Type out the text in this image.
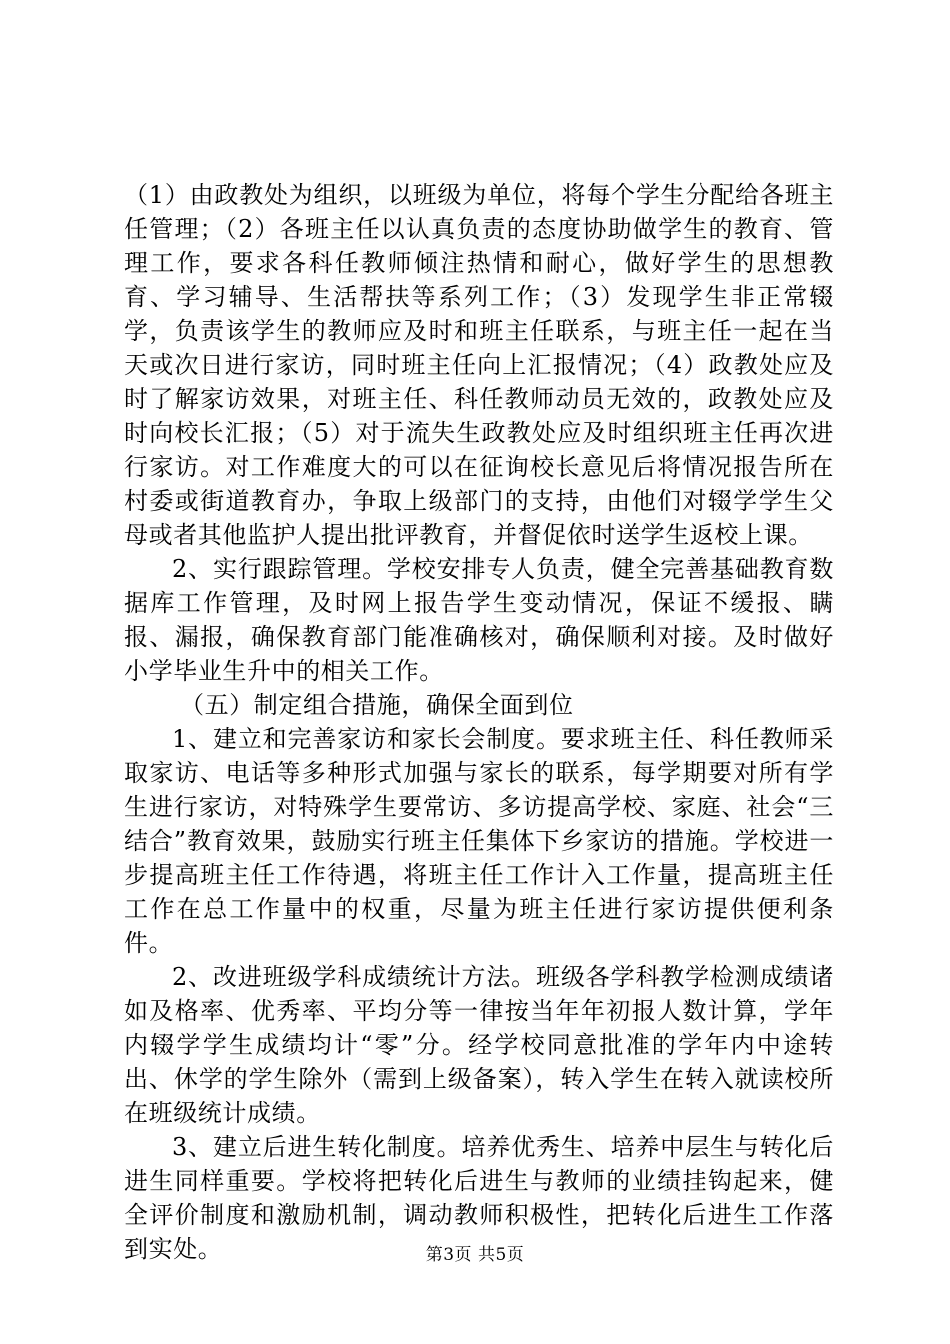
（1）由政教处为组织，以班级为单位，将每个学生分配给各班主任管理；（2）各班主任以认真负责的态度协助做学生的教育、管理工作，要求各科任教师倾注热情和耐心，做好学生的思想教育、学习辅导、生活帮扶等系列工作；（3）发现学生非正常辍学，负责该学生的教师应及时和班主任联系，与班主任一起在当天或次日进行家访，同时班主任向上汇报情况；（4）政教处应及时了解家访效果，对班主任、科任教师动员无效的，政教处应及时向校长汇报；（5）对于流失生政教处应及时组织班主任再次进行家访。对工作难度大的可以在征询校长意见后将情况报告所在村委或街道教育办，争取上级部门的支持，由他们对辍学学生父母或者其他监护人提出批评教育，并督促依时送学生返校上课。

2、实行跟踪管理。学校安排专人负责，健全完善基础教育数据库工作管理，及时网上报告学生变动情况，保证不缓报、瞒报、漏报，确保教育部门能准确核对，确保顺利对接。及时做好小学毕业生升中的相关工作。

（五）制定组合措施，确保全面到位

1、建立和完善家访和家长会制度。要求班主任、科任教师采取家访、电话等多种形式加强与家长的联系，每学期要对所有学生进行家访，对特殊学生要常访、多访提高学校、家庭、社会“三结合”教育效果，鼓励实行班主任集体下乡家访的措施。学校进一步提高班主任工作待遇，将班主任工作计入工作量，提高班主任工作在总工作量中的权重，尽量为班主任进行家访提供便利条件。

2、改进班级学科成绩统计方法。班级各学科教学检测成绩诸如及格率、优秀率、平均分等一律按当年年初报人数计算，学年内辍学学生成绩均计“零”分。经学校同意批准的学年内中途转出、休学的学生除外（需到上级备案），转入学生在转入就读校所在班级统计成绩。

3、建立后进生转化制度。培养优秀生、培养中层生与转化后进生同样重要。学校将把转化后进生与教师的业绩挂钩起来，健全评价制度和激励机制，调动教师积极性，把转化后进生工作落到实处。	第3页 共5页
